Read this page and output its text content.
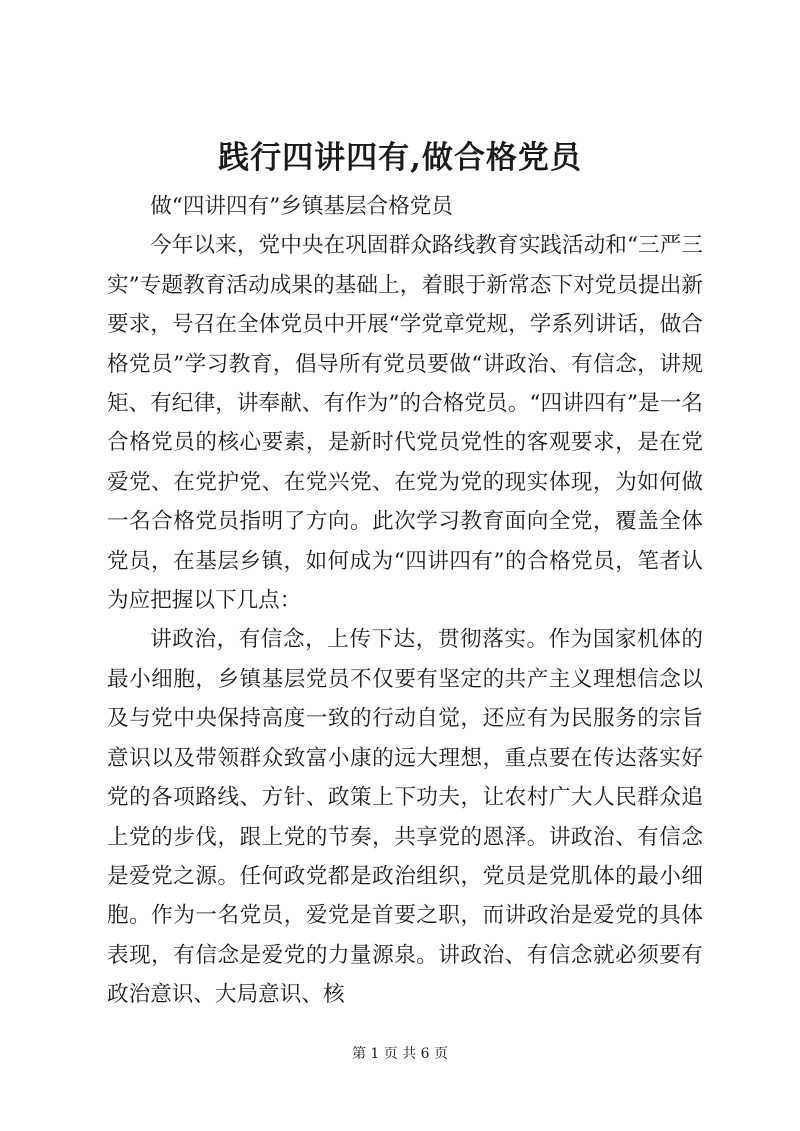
践行四讲四有,做合格党员

做“四讲四有”乡镇基层合格党员

今年以来，党中央在巩固群众路线教育实践活动和“三严三实”专题教育活动成果的基础上，着眼于新常态下对党员提出新要求，号召在全体党员中开展“学党章党规，学系列讲话，做合格党员”学习教育，倡导所有党员要做“讲政治、有信念，讲规矩、有纪律，讲奉献、有作为”的合格党员。“四讲四有”是一名合格党员的核心要素，是新时代党员党性的客观要求，是在党爱党、在党护党、在党兴党、在党为党的现实体现，为如何做一名合格党员指明了方向。此次学习教育面向全党，覆盖全体党员，在基层乡镇，如何成为“四讲四有”的合格党员，笔者认为应把握以下几点：

讲政治，有信念，上传下达，贯彻落实。作为国家机体的最小细胞，乡镇基层党员不仅要有坚定的共产主义理想信念以及与党中央保持高度一致的行动自觉，还应有为民服务的宗旨意识以及带领群众致富小康的远大理想，重点要在传达落实好党的各项路线、方针、政策上下功夫，让农村广大人民群众追上党的步伐，跟上党的节奏，共享党的恩泽。讲政治、有信念是爱党之源。任何政党都是政治组织，党员是党肌体的最小细胞。作为一名党员，爱党是首要之职，而讲政治是爱党的具体表现，有信念是爱党的力量源泉。讲政治、有信念就必须要有政治意识、大局意识、核

第 1 页 共 6 页
